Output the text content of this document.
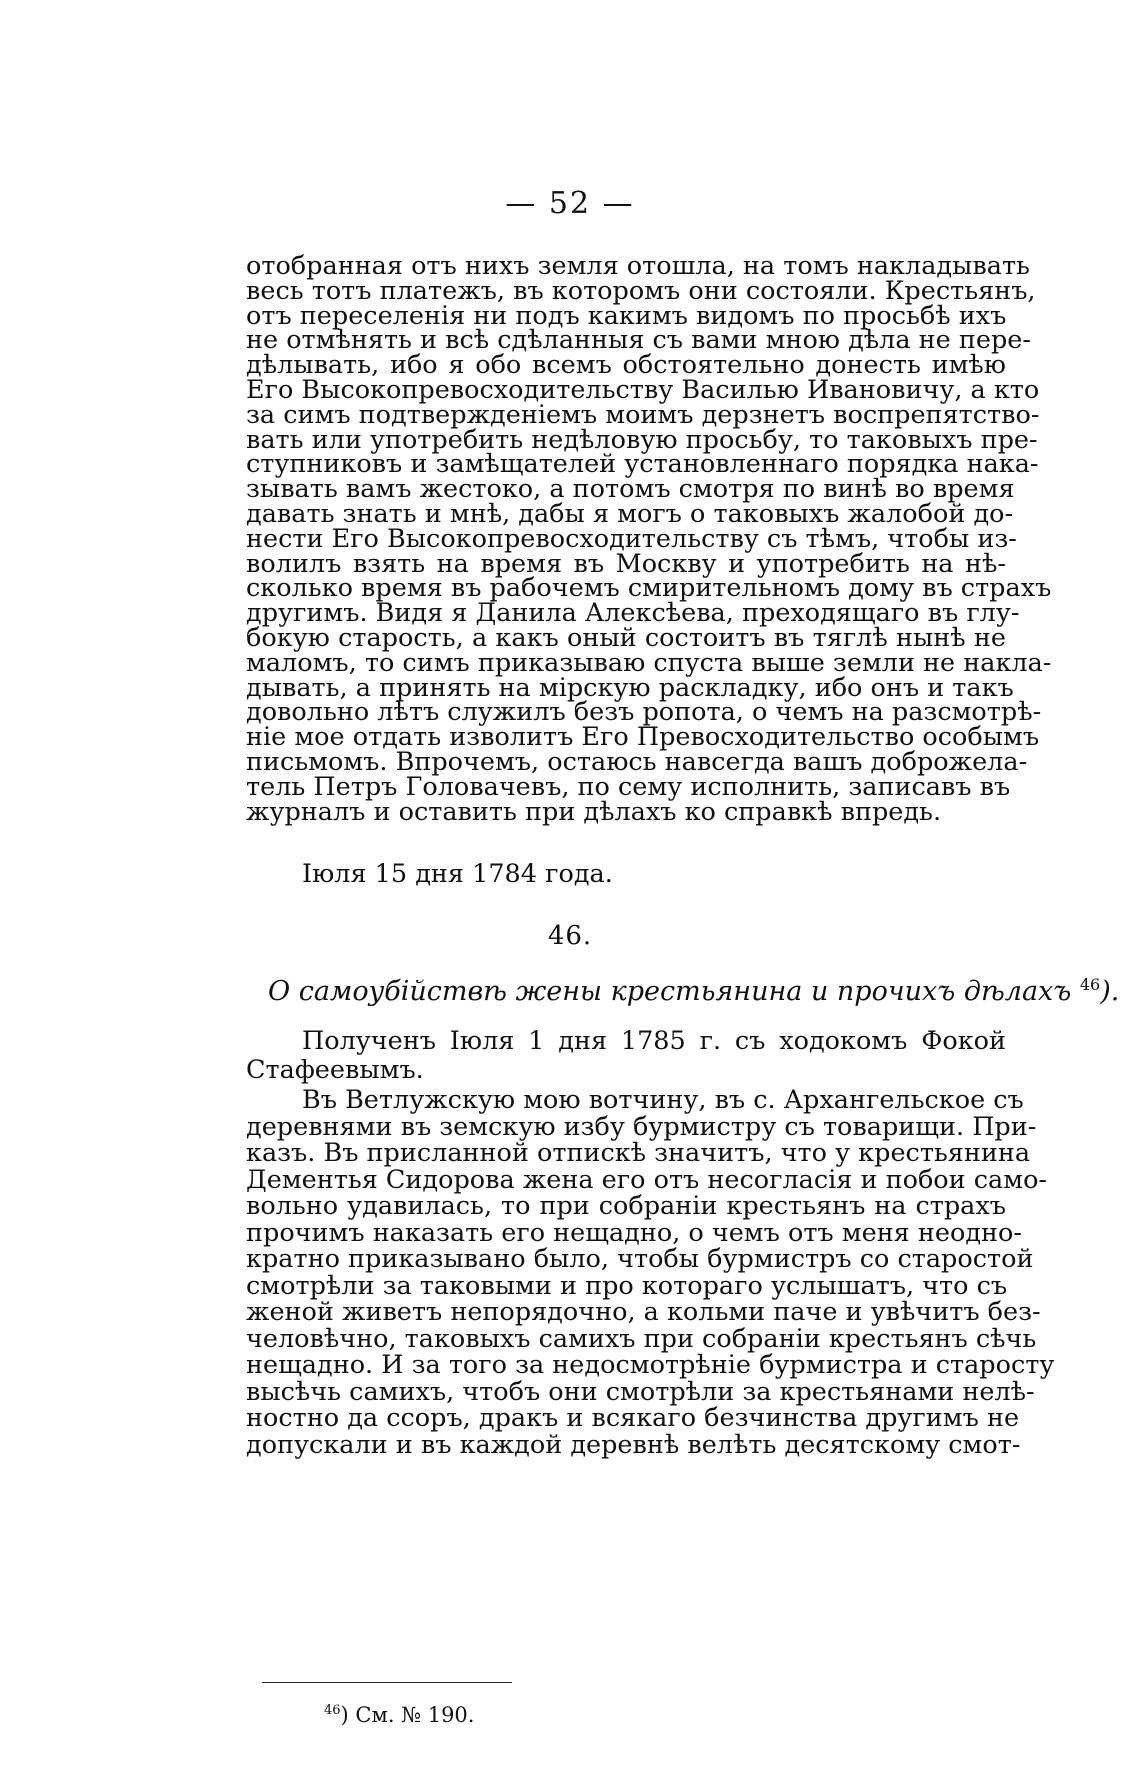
— 52 —
отобранная отъ нихъ земля отошла, на томъ накладывать
весь тотъ платежъ, въ которомъ они состояли. Крестьянъ,
отъ переселенія ни подъ какимъ видомъ по просьбѣ ихъ
не отмѣнять и всѣ сдѣланныя съ вами мною дѣла не пере-
дѣлывать, ибо я обо всемъ обстоятельно донесть имѣю
Его Высокопревосходительству Василью Ивановичу, а кто
за симъ подтвержденіемъ моимъ дерзнетъ воспрепятство-
вать или употребить недѣловую просьбу, то таковыхъ пре-
ступниковъ и замѣщателей установленнаго порядка нака-
зывать вамъ жестоко, а потомъ смотря по винѣ во время
давать знать и мнѣ, дабы я могъ о таковыхъ жалобой до-
нести Его Высокопревосходительству съ тѣмъ, чтобы из-
волилъ взять на время въ Москву и употребить на нѣ-
сколько время въ рабочемъ смирительномъ дому въ страхъ
другимъ. Видя я Данила Алексѣева, преходящаго въ глу-
бокую старость, а какъ оный состоитъ въ тяглѣ нынѣ не
маломъ, то симъ приказываю спуста выше земли не накла-
дывать, а принять на мірскую раскладку, ибо онъ и такъ
довольно лѣтъ служилъ безъ ропота, о чемъ на разсмотрѣ-
ніе мое отдать изволитъ Его Превосходительство особымъ
письмомъ. Впрочемъ, остаюсь навсегда вашъ доброжела-
тель Петръ Головачевъ, по сему исполнить, записавъ въ
журналъ и оставить при дѣлахъ ко справкѣ впредь.
Іюля 15 дня 1784 года.
46.
О самоубійствѣ жены крестьянина и прочихъ дѣлахъ $^{46}$).
Полученъ Іюля 1 дня 1785 г. съ ходокомъ Фокой
Стафеевымъ.
Въ Ветлужскую мою вотчину, въ с. Архангельское съ
деревнями въ земскую избу бурмистру съ товарищи. При-
казъ. Въ присланной отпискѣ значитъ, что у крестьянина
Дементья Сидорова жена его отъ несогласія и побои само-
вольно удавилась, то при собраніи крестьянъ на страхъ
прочимъ наказать его нещадно, о чемъ отъ меня неодно-
кратно приказывано было, чтобы бурмистръ со старостой
смотрѣли за таковыми и про котораго услышатъ, что съ
женой живетъ непорядочно, а кольми паче и увѣчитъ без-
человѣчно, таковыхъ самихъ при собраніи крестьянъ сѣчь
нещадно. И за того за недосмотрѣніе бурмистра и старосту
высѣчь самихъ, чтобъ они смотрѣли за крестьянами нелѣ-
ностно да ссоръ, дракъ и всякаго безчинства другимъ не
допускали и въ каждой деревнѣ велѣть десятскому смот-
$^{46}$) См. № 190.
